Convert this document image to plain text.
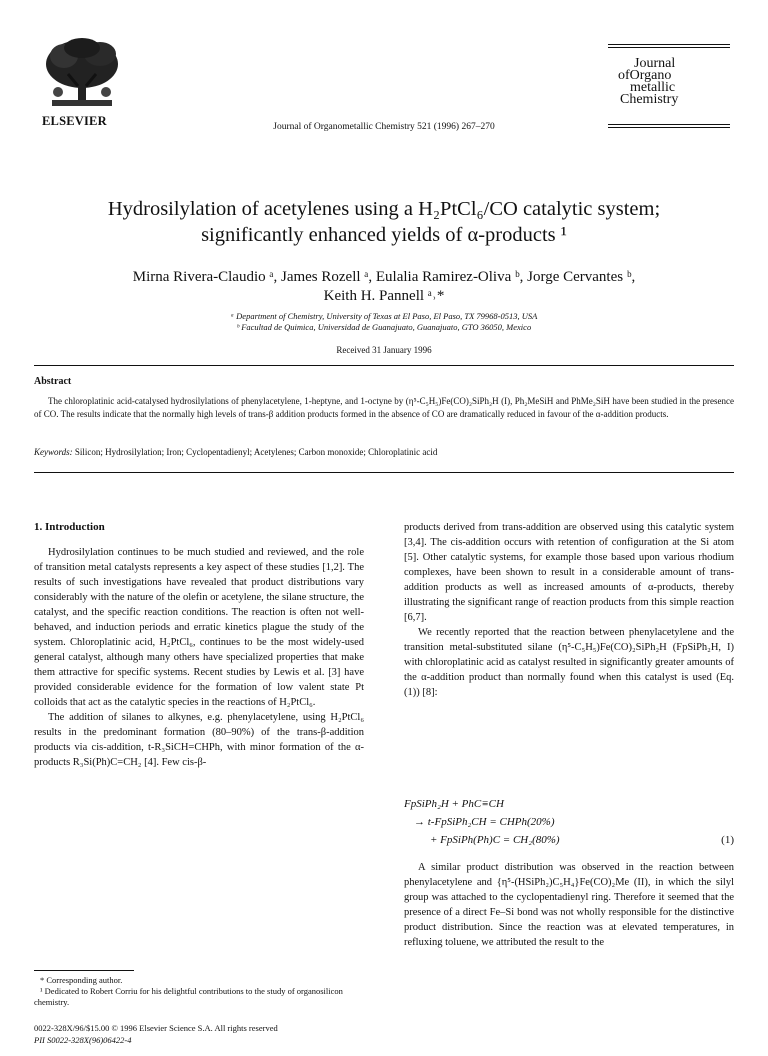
ELSEVIER	Journal of Organometallic Chemistry 521 (1996) 267–270
Journal
ofOrgano
metallic
Chemistry
Hydrosilylation of acetylenes using a H₂PtCl₆/CO catalytic system;
significantly enhanced yields of α-products ¹
Mirna Rivera-Claudio ᵃ, James Rozell ᵃ, Eulalia Ramirez-Oliva ᵇ, Jorge Cervantes ᵇ,
Keith H. Pannell ᵃ˒*
ᵃ Department of Chemistry, University of Texas at El Paso, El Paso, TX 79968-0513, USA
ᵇ Facultad de Quimica, Universidad de Guanajuato, Guanajuato, GTO 36050, Mexico
Received 31 January 1996
Abstract
The chloroplatinic acid-catalysed hydrosilylations of phenylacetylene, 1-heptyne, and 1-octyne by (η⁵-C₅H₅)Fe(CO)₂SiPh₂H (I), Ph₂MeSiH and PhMe₂SiH have been studied in the presence of CO. The results indicate that the normally high levels of trans-β addition products formed in the absence of CO are dramatically reduced in favour of the α-addition products.
Keywords: Silicon; Hydrosilylation; Iron; Cyclopentadienyl; Acetylenes; Carbon monoxide; Chloroplatinic acid
1. Introduction

Hydrosilylation continues to be much studied and reviewed, and the role of transition metal catalysts represents a key aspect of these studies [1,2]. The results of such investigations have revealed that product distributions vary considerably with the nature of the olefin or acetylene, the silane structure, the catalyst, and the specific reaction conditions. The reaction is often not well-behaved, and induction periods and erratic kinetics plague the study of the system. Chloroplatinic acid, H₂PtCl₆, continues to be the most widely-used general catalyst, although many others have specialized properties that make them attractive for specific systems. Recent studies by Lewis et al. [3] have provided considerable evidence for the formation of low valent state Pt colloids that act as the catalytic species in the reactions of H₂PtCl₆.

The addition of silanes to alkynes, e.g. phenylacetylene, using H₂PtCl₆ results in the predominant formation (80–90%) of the trans-β-addition products via cis-addition, t-R₃SiCH=CHPh, with minor formation of the α-products R₃Si(Ph)C=CH₂ [4]. Few cis-β-

* Corresponding author.
¹ Dedicated to Robert Corriu for his delightful contributions to the study of organosilicon chemistry.
0022-328X/96/$15.00 © 1996 Elsevier Science S.A. All rights reserved
PII S0022-328X(96)06422-4

products derived from trans-addition are observed using this catalytic system [3,4]. The cis-addition occurs with retention of configuration at the Si atom [5]. Other catalytic systems, for example those based upon various rhodium complexes, have been shown to result in a considerable amount of trans-addition products as well as increased amounts of α-products, thereby illustrating the significant range of reaction products from this simple reaction [6,7].

We recently reported that the reaction between phenylacetylene and the transition metal-substituted silane (η⁵-C₅H₅)Fe(CO)₂SiPh₂H (FpSiPh₂H, I) with chloroplatinic acid as catalyst resulted in significantly greater amounts of the α-addition product than normally found when this catalyst is used (Eq. (1)) [8]:

FpSiPh₂H + PhC≡CH
→ t-FpSiPh₂CH = CHPh(20%)
+ FpSiPh(Ph)C = CH₂(80%)	(1)

A similar product distribution was observed in the reaction between phenylacetylene and {η⁵-(HSiPh₂)C₅H₄}Fe(CO)₂Me (II), in which the silyl group was attached to the cyclopentadienyl ring. Therefore it seemed that the presence of a direct Fe–Si bond was not wholly responsible for the distinctive product distribution. Since the reaction was at elevated temperatures, in refluxing toluene, we attributed the result to the
